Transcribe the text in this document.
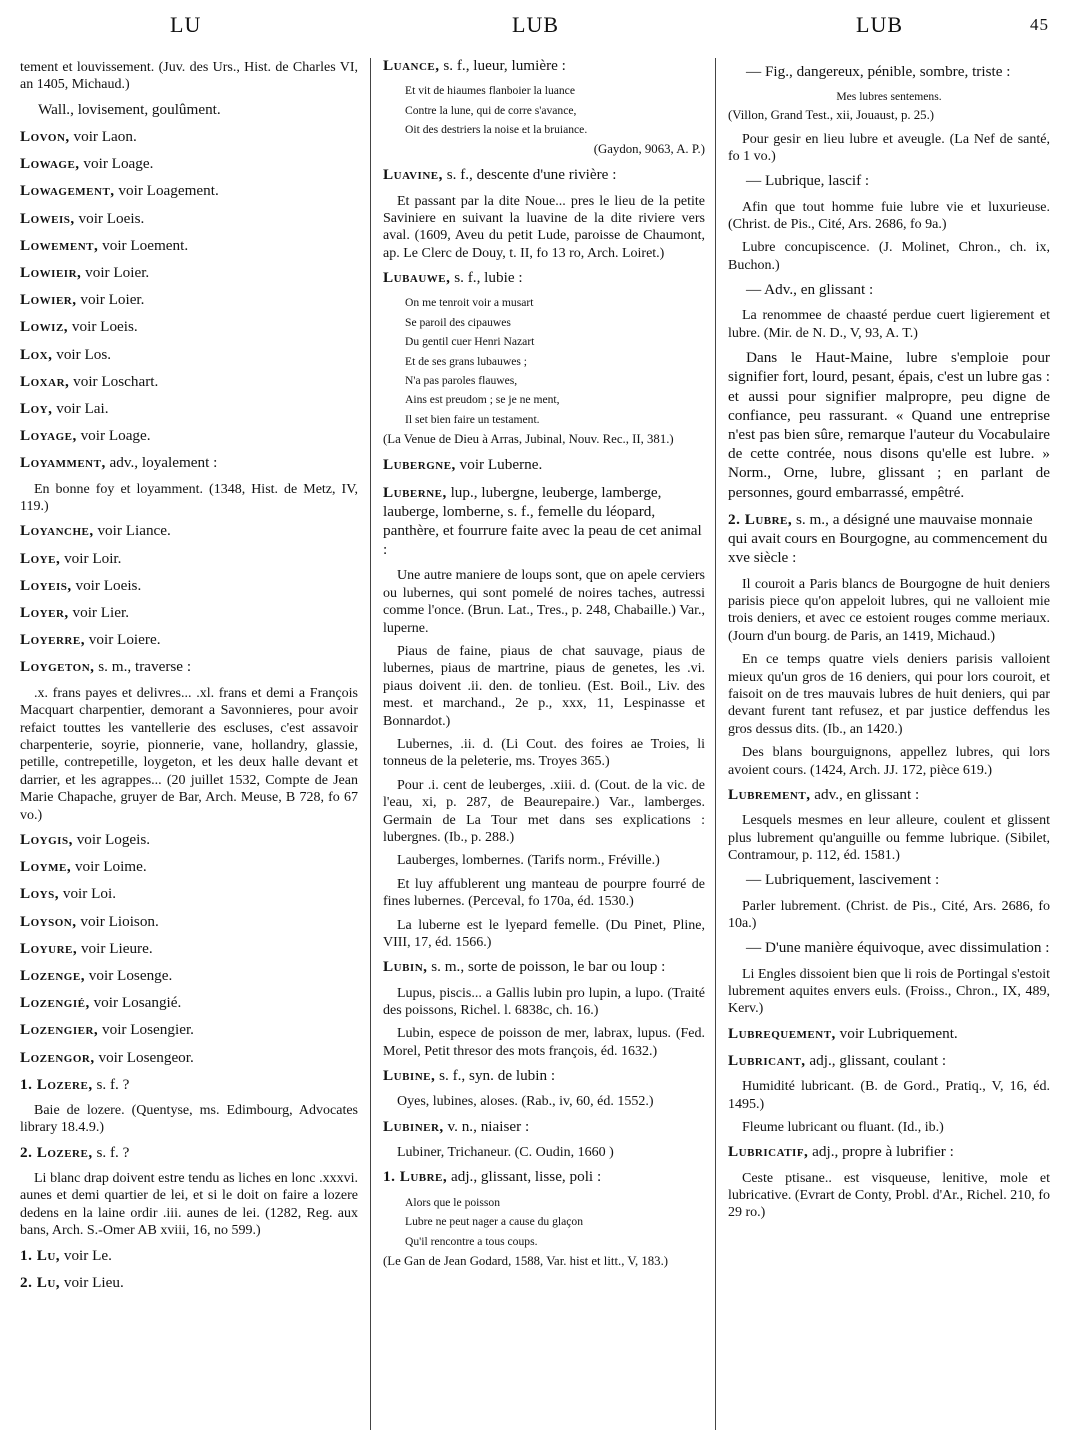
LU	LUB	LUB	45
tement et louvissement. (Juv. des Urs., Hist. de Charles VI, an 1405, Michaud.)
Wall., lovisement, goulûment.
Lovon, voir Laon.
Lowage, voir Loage.
Lowagement, voir Loagement.
Loweis, voir Loeis.
Lowement, voir Loement.
Lowieir, voir Loier.
Lowier, voir Loier.
Lowiz, voir Loeis.
Lox, voir Los.
Loxar, voir Loschart.
Loy, voir Lai.
Loyage, voir Loage.
Loyamment, adv., loyalement :
En bonne foy et loyamment. (1348, Hist. de Metz, IV, 119.)
Loyanche, voir Liance.
Loye, voir Loir.
Loyeis, voir Loeis.
Loyer, voir Lier.
Loyerre, voir Loiere.
Loygeton, s. m., traverse :
.x. frans payes et delivres... .xl. frans et demi a François Macquart charpentier, demorant a Savonnieres, pour avoir refaict touttes les vantellerie des escluses, c'est assavoir charpenterie, soyrie, pionnerie, vane, hollandry, glassie, petille, contrepetille, loygeton, et les deux halle devant et darrier, et les agrappes... (20 juillet 1532, Compte de Jean Marie Chapache, gruyer de Bar, Arch. Meuse, B 728, fo 67 vo.)
Loygis, voir Logeis.
Loyme, voir Loime.
Loys, voir Loi.
Loyson, voir Lioison.
Loyure, voir Lieure.
Lozenge, voir Losenge.
Lozengié, voir Losangié.
Lozengier, voir Losengier.
Lozengor, voir Losengeor.
1. Lozere, s. f. ?
Baie de lozere. (Quentyse, ms. Edimbourg, Advocates library 18.4.9.)
2. Lozere, s. f. ?
Li blanc drap doivent estre tendu as liches en lonc .xxxvi. aunes et demi quartier de lei, et si le doit on faire a lozere dedens en la laine ordir .iii. aunes de lei. (1282, Reg. aux bans, Arch. S.-Omer AB xviii, 16, no 599.)
1. Lu, voir Le.
2. Lu, voir Lieu.
Luance, s. f., lueur, lumière :
Et vit de hiaumes flanboier la luance
Contre la lune, qui de corre s'avance,
Oit des destriers la noise et la bruiance.
(Gaydon, 9063, A. P.)
Luavine, s. f., descente d'une rivière :
Et passant par la dite Noue... pres le lieu de la petite Saviniere en suivant la luavine de la dite riviere vers aval. (1609, Aveu du petit Lude, paroisse de Chaumont, ap. Le Clerc de Douy, t. II, fo 13 ro, Arch. Loiret.)
Lubauwe, s. f., lubie :
On me tenroit voir a musart
Se paroil des cipauwes
Du gentil cuer Henri Nazart
Et de ses grans lubauwes ;
N'a pas paroles flauwes,
Ains est preudom ; se je ne ment,
Il set bien faire un testament.
(La Venue de Dieu à Arras, Jubinal, Nouv. Rec., II, 381.)
Lubergne, voir Luberne.
Luberne, lup., lubergne, leuberge, lamberge, lauberge, lomberne, s. f., femelle du léopard, panthère, et fourrure faite avec la peau de cet animal :
Une autre maniere de loups sont, que on apele cerviers ou lubernes, qui sont pomelé de noires taches, autressi comme l'once. (Brun. Lat., Tres., p. 248, Chabaille.) Var., luperne.
Piaus de faine, piaus de chat sauvage, piaus de lubernes, piaus de martrine, piaus de genetes, les .vi. piaus doivent .ii. den. de tonlieu. (Est. Boil., Liv. des mest. et marchand., 2e p., xxx, 11, Lespinasse et Bonnardot.)
Lubernes, .ii. d. (Li Cout. des foires ae Troies, li tonneus de la peleterie, ms. Troyes 365.)
Pour .i. cent de leuberges, .xiii. d. (Cout. de la vic. de l'eau, xi, p. 287, de Beaurepaire.) Var., lamberges. Germain de La Tour met dans ses explications : lubergnes. (Ib., p. 288.)
Lauberges, lombernes. (Tarifs norm., Fréville.)
Et luy affublerent ung manteau de pourpre fourré de fines lubernes. (Perceval, fo 170a, éd. 1530.)
La luberne est le lyepard femelle. (Du Pinet, Pline, VIII, 17, éd. 1566.)
Lubin, s. m., sorte de poisson, le bar ou loup :
Lupus, piscis... a Gallis lubin pro lupin, a lupo. (Traité des poissons, Richel. l. 6838c, ch. 16.)
Lubin, espece de poisson de mer, labrax, lupus. (Fed. Morel, Petit thresor des mots françois, éd. 1632.)
Lubine, s. f., syn. de lubin :
Oyes, lubines, aloses. (Rab., iv, 60, éd. 1552.)
Lubiner, v. n., niaiser :
Lubiner, Trichaneur. (C. Oudin, 1660 )
1. Lubre, adj., glissant, lisse, poli :
Alors que le poisson
Lubre ne peut nager a cause du glaçon
Qu'il rencontre a tous coups.
(Le Gan de Jean Godard, 1588, Var. hist et litt., V, 183.)
— Fig., dangereux, pénible, sombre, triste :
Mes lubres sentemens.
(Villon, Grand Test., xii, Jouaust, p. 25.)
Pour gesir en lieu lubre et aveugle. (La Nef de santé, fo 1 vo.)
— Lubrique, lascif :
Afin que tout homme fuie lubre vie et luxurieuse. (Christ. de Pis., Cité, Ars. 2686, fo 9a.)
Lubre concupiscence. (J. Molinet, Chron., ch. ix, Buchon.)
— Adv., en glissant :
La renommee de chaasté perdue cuert ligierement et lubre. (Mir. de N. D., V, 93, A. T.)
Dans le Haut-Maine, lubre s'emploie pour signifier fort, lourd, pesant, épais, c'est un lubre gas : et aussi pour signifier malpropre, peu digne de confiance, peu rassurant. « Quand une entreprise n'est pas bien sûre, remarque l'auteur du Vocabulaire de cette contrée, nous disons qu'elle est lubre. » Norm., Orne, lubre, glissant ; en parlant de personnes, gourd embarrassé, empêtré.
2. Lubre, s. m., a désigné une mauvaise monnaie qui avait cours en Bourgogne, au commencement du xve siècle :
Il couroit a Paris blancs de Bourgogne de huit deniers parisis piece qu'on appeloit lubres, qui ne valloient mie trois deniers, et avec ce estoient rouges comme meriaux. (Journ d'un bourg. de Paris, an 1419, Michaud.)
En ce temps quatre viels deniers parisis valloient mieux qu'un gros de 16 deniers, qui pour lors couroit, et faisoit on de tres mauvais lubres de huit deniers, qui par devant furent tant refusez, et par justice deffendus les gros dessus dits. (Ib., an 1420.)
Des blans bourguignons, appellez lubres, qui lors avoient cours. (1424, Arch. JJ. 172, pièce 619.)
Lubrement, adv., en glissant :
Lesquels mesmes en leur alleure, coulent et glissent plus lubrement qu'anguille ou femme lubrique. (Sibilet, Contramour, p. 112, éd. 1581.)
— Lubriquement, lascivement :
Parler lubrement. (Christ. de Pis., Cité, Ars. 2686, fo 10a.)
— D'une manière équivoque, avec dissimulation :
Li Engles dissoient bien que li rois de Portingal s'estoit lubrement aquites envers euls. (Froiss., Chron., IX, 489, Kerv.)
Lubrequement, voir Lubriquement.
Lubricant, adj., glissant, coulant :
Humidité lubricant. (B. de Gord., Pratiq., V, 16, éd. 1495.)
Fleume lubricant ou fluant. (Id., ib.)
Lubricatif, adj., propre à lubrifier :
Ceste ptisane.. est visqueuse, lenitive, mole et lubricative. (Evrart de Conty, Probl. d'Ar., Richel. 210, fo 29 ro.)
